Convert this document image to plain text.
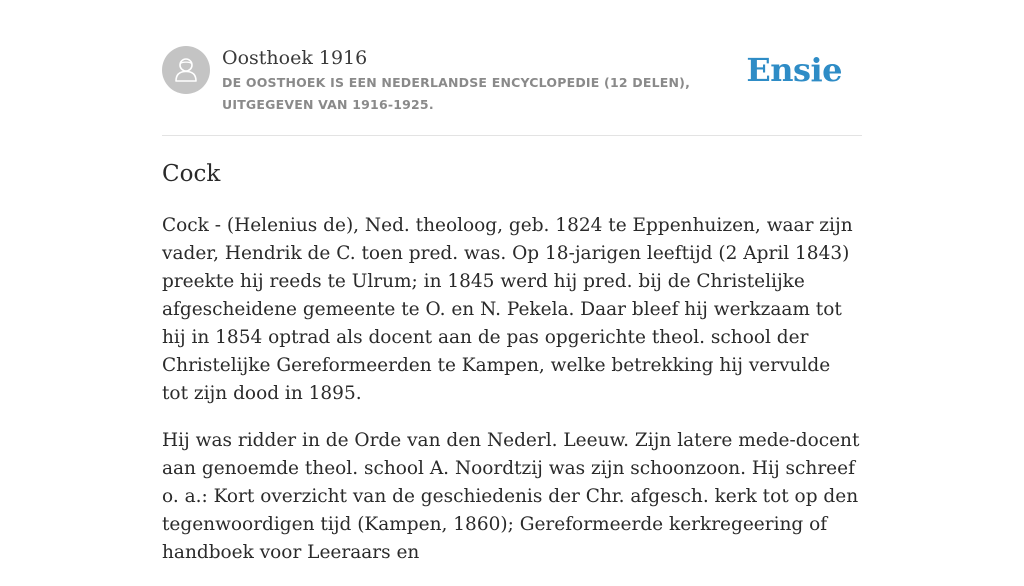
Oosthoek 1916
DE OOSTHOEK IS EEN NEDERLANDSE ENCYCLOPEDIE (12 DELEN), UITGEGEVEN VAN 1916-1925.
Ensie
Cock

Cock - (Helenius de), Ned. theoloog, geb. 1824 te Eppenhuizen, waar zijn vader, Hendrik de C. toen pred. was. Op 18-jarigen leeftijd (2 April 1843) preekte hij reeds te Ulrum; in 1845 werd hij pred. bij de Christelijke afgescheidene gemeente te O. en N. Pekela. Daar bleef hij werkzaam tot hij in 1854 optrad als docent aan de pas opgerichte theol. school der Christelijke Gereformeerden te Kampen, welke betrekking hij vervulde tot zijn dood in 1895.

Hij was ridder in de Orde van den Nederl. Leeuw. Zijn latere mede-docent aan genoemde theol. school A. Noordtzij was zijn schoonzoon. Hij schreef o. a.: Kort overzicht van de geschiedenis der Chr. afgesch. kerk tot op den tegenwoordigen tijd (Kampen, 1860); Gereformeerde kerkregeering of handboek voor Leeraars en
